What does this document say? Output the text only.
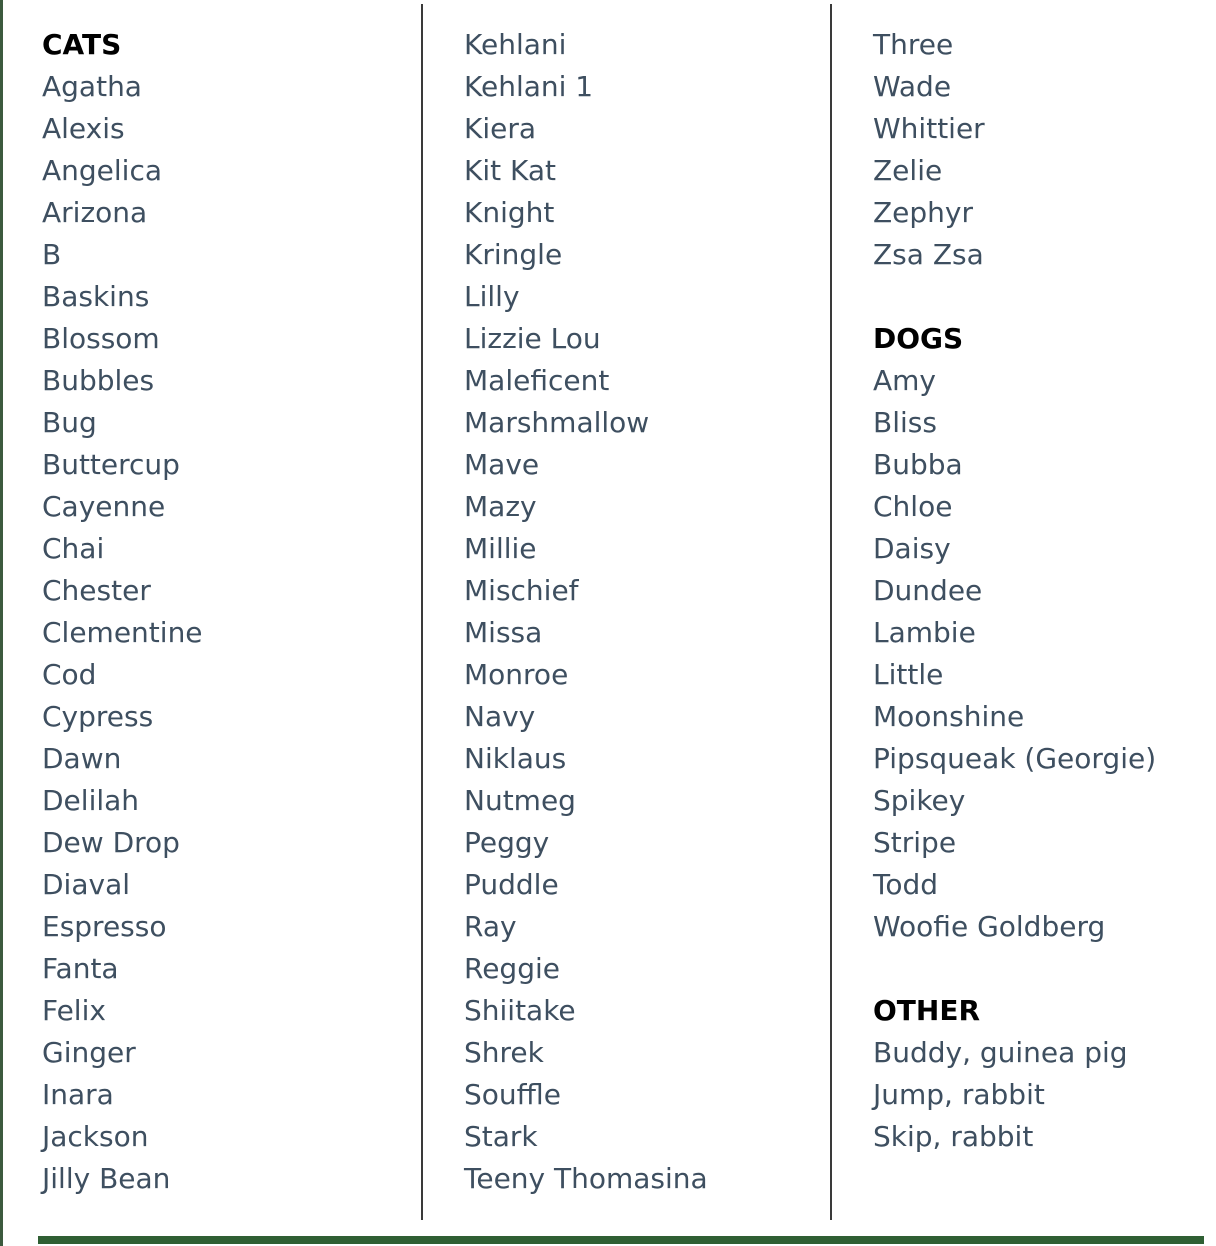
CATS
Agatha
Alexis
Angelica
Arizona
B
Baskins
Blossom
Bubbles
Bug
Buttercup
Cayenne
Chai
Chester
Clementine
Cod
Cypress
Dawn
Delilah
Dew Drop
Diaval
Espresso
Fanta
Felix
Ginger
Inara
Jackson
Jilly Bean
Kehlani
Kehlani 1
Kiera
Kit Kat
Knight
Kringle
Lilly
Lizzie Lou
Maleficent
Marshmallow
Mave
Mazy
Millie
Mischief
Missa
Monroe
Navy
Niklaus
Nutmeg
Peggy
Puddle
Ray
Reggie
Shiitake
Shrek
Souffle
Stark
Teeny Thomasina
Three
Wade
Whittier
Zelie
Zephyr
Zsa Zsa
DOGS
Amy
Bliss
Bubba
Chloe
Daisy
Dundee
Lambie
Little
Moonshine
Pipsqueak (Georgie)
Spikey
Stripe
Todd
Woofie Goldberg
OTHER
Buddy, guinea pig
Jump, rabbit
Skip, rabbit
